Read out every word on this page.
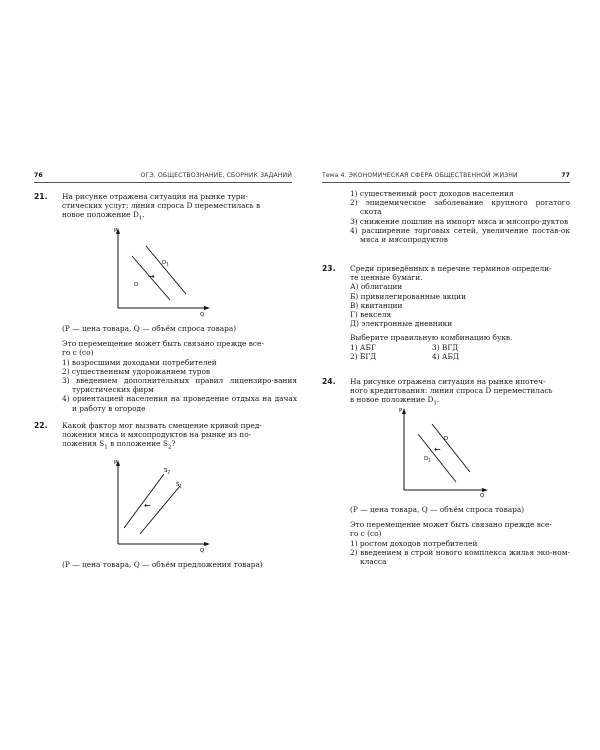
76	ОГЭ. ОБЩЕСТВОЗНАНИЕ. СБОРНИК ЗАДАНИЙ	Тема 4. ЭКОНОМИЧЕСКАЯ СФЕРА ОБЩЕСТВЕННОЙ ЖИЗНИ	77
21. На рисунке отражена ситуация на рынке тури-
стических услуг: линия спроса D переместилась в
новое положение $D_1$.
P
Q
D
$D_1$
→
(P — цена товара, Q — объём спроса товара)
Это перемещение может быть связано прежде все-
го с (со)
1) возросшими доходами потребителей
2) существенным удорожанием туров
3) введением дополнительных правил лицензиро-вания туристических фирм
4) ориентацией населения на проведение отдыха на дачах и работу в огороде
22. Какой фактор мог вызвать смещение кривой пред-
ложения мяса и мясопродуктов на рынке из по-
ложения $S_1$ в положение $S_2$?
P
Q
$S_2$
$S_1$
←
(P — цена товара, Q — объём предложения товара)
1) существенный рост доходов населения
2) эпидемическое заболевание крупного рогатого скота
3) снижение пошлин на импорт мяса и мясопро-дуктов
4) расширение торговых сетей, увеличение постав-ок мяса и мясопродуктов
23. Среди приведённых в перечне терминов определи-
те ценные бумаги.
А) облигации
Б) привилегированные акции
В) квитанции
Г) векселя
Д) электронные дневники
Выберите правильную комбинацию букв.
1) АБГ
2) БГД
3) ВГД
4) АБД
24. На рисунке отражена ситуация на рынке ипотеч-
ного кредитования: линия спроса D переместилась
в новое положение $D_1$.
P
Q
D
$D_1$
←
(P — цена товара, Q — объём спроса товара)
Это перемещение может быть связано прежде все-
го с (со)
1) ростом доходов потребителей
2) введением в строй нового комплекса жилья эко-ном-класса
